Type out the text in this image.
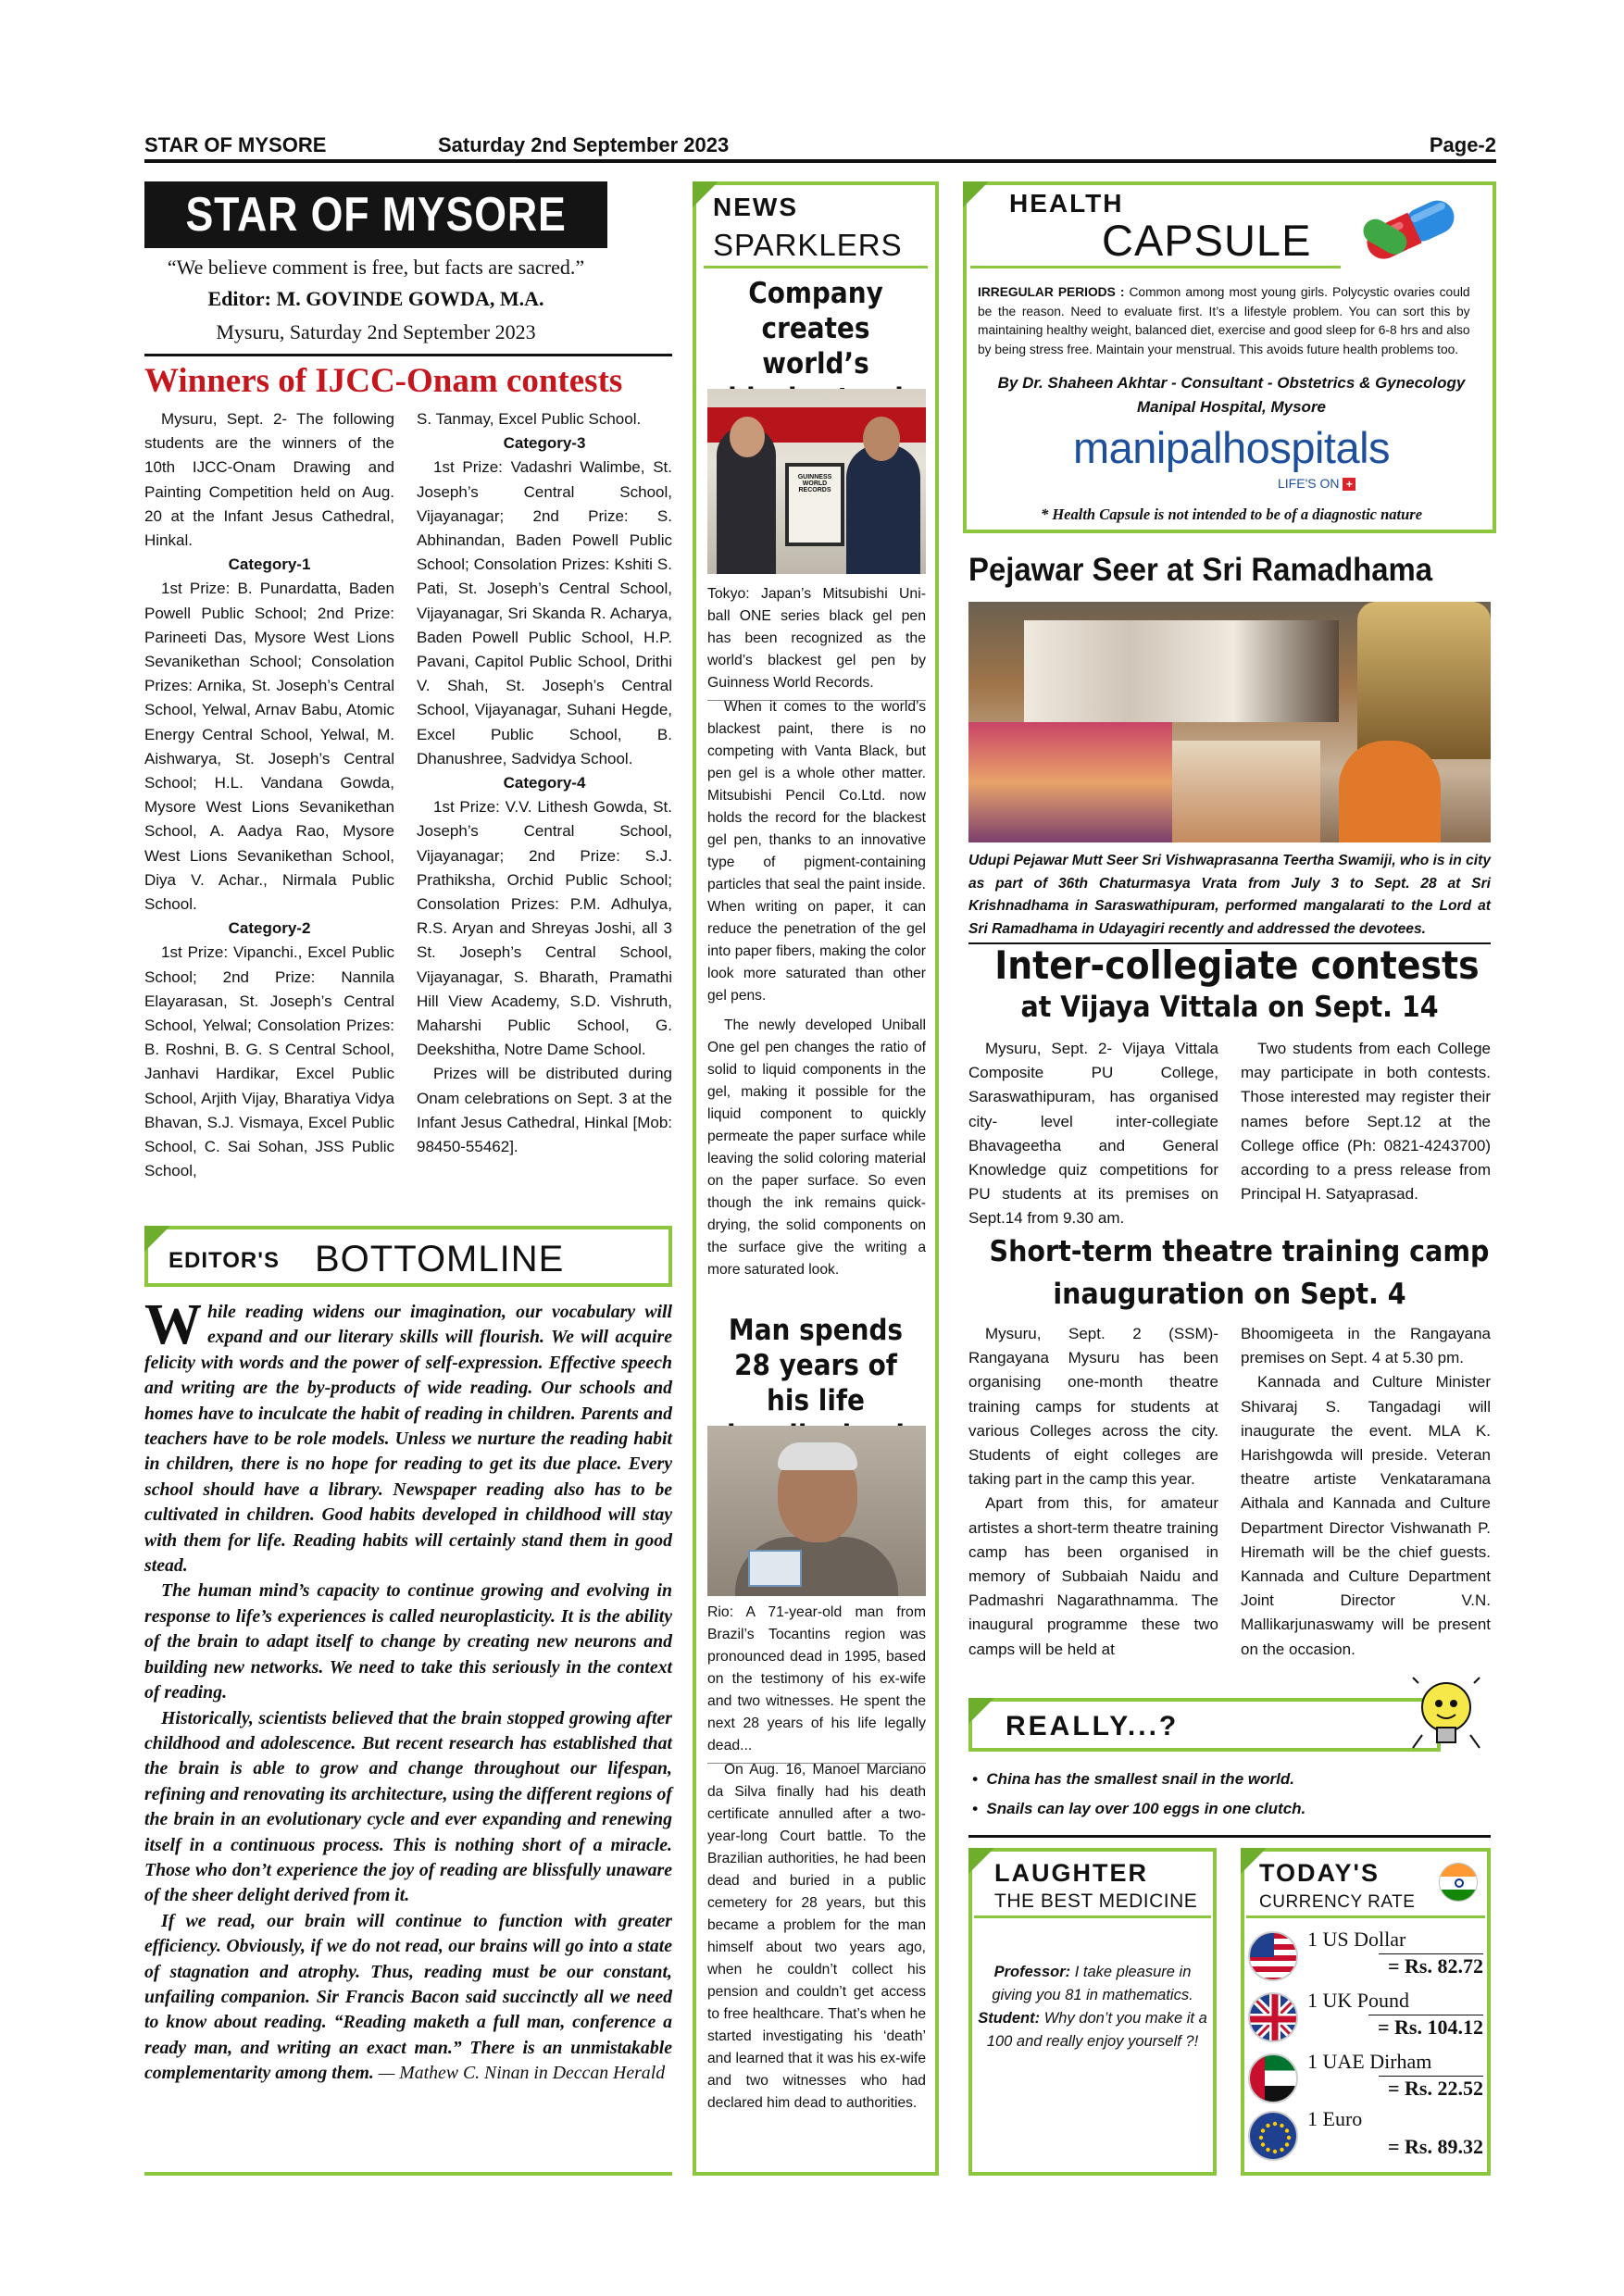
STAR OF MYSORE	Saturday 2nd September 2023	Page-2
STAR OF MYSORE
“We believe comment is free, but facts are sacred.”
Editor: M. GOVINDE GOWDA, M.A.
Mysuru, Saturday 2nd September 2023
Winners of IJCC-Onam contests

Mysuru, Sept. 2- The following students are the winners of the 10th IJCC-Onam Drawing and Painting Competition held on Aug. 20 at the Infant Jesus Cathedral, Hinkal.

Category-1

1st Prize: B. Punardatta, Baden Powell Public School; 2nd Prize: Parineeti Das, Mysore West Lions Sevanikethan School; Consolation Prizes: Arnika, St. Joseph’s Central School, Yelwal, Arnav Babu, Atomic Energy Central School, Yelwal, M. Aishwarya, St. Joseph’s Central School; H.L. Vandana Gowda, Mysore West Lions Sevanikethan School, A. Aadya Rao, Mysore West Lions Sevanikethan School, Diya V. Achar., Nirmala Public School.

Category-2

1st Prize: Vipanchi., Excel Public School; 2nd Prize: Nannila Elayarasan, St. Joseph’s Central School, Yelwal; Consolation Prizes: B. Roshni, B. G. S Central School, Janhavi Hardikar, Excel Public School, Arjith Vijay, Bharatiya Vidya Bhavan, S.J. Vismaya, Excel Public School, C. Sai Sohan, JSS Public School,

S. Tanmay, Excel Public School.

Category-3

1st Prize: Vadashri Walimbe, St. Joseph’s Central School, Vijayanagar; 2nd Prize: S. Abhinandan, Baden Powell Public School; Consolation Prizes: Kshiti S. Pati, St. Joseph’s Central School, Vijayanagar, Sri Skanda R. Acharya, Baden Powell Public School, H.P. Pavani, Capitol Public School, Drithi V. Shah, St. Joseph’s Central School, Vijayanagar, Suhani Hegde, Excel Public School, B. Dhanushree, Sadvidya School.

Category-4

1st Prize: V.V. Lithesh Gowda, St. Joseph’s Central School, Vijayanagar; 2nd Prize: S.J. Prathiksha, Orchid Public School; Consolation Prizes: P.M. Adhulya, R.S. Aryan and Shreyas Joshi, all 3 St. Joseph’s Central School, Vijayanagar, S. Bharath, Pramathi Hill View Academy, S.D. Vishruth, Maharshi Public School, G. Deekshitha, Notre Dame School.

Prizes will be distributed during Onam celebrations on Sept. 3 at the Infant Jesus Cathedral, Hinkal [Mob: 98450-55462].

EDITOR'S BOTTOMLINE

While reading widens our imagination, our vocabulary will expand and our literary skills will flourish. We will acquire felicity with words and the power of self-expression. Effective speech and writing are the by-products of wide reading. Our schools and homes have to inculcate the habit of reading in children. Parents and teachers have to be role models. Unless we nurture the reading habit in children, there is no hope for reading to get its due place. Every school should have a library. Newspaper reading also has to be cultivated in children. Good habits developed in childhood will stay with them for life. Reading habits will certainly stand them in good stead.

The human mind’s capacity to continue growing and evolving in response to life’s experiences is called neuroplasticity. It is the ability of the brain to adapt itself to change by creating new neurons and building new networks. We need to take this seriously in the context of reading.

Historically, scientists believed that the brain stopped growing after childhood and adolescence. But recent research has established that the brain is able to grow and change throughout our lifespan, refining and renovating its architecture, using the different regions of the brain in an evolutionary cycle and ever expanding and renewing itself in a continuous process. This is nothing short of a miracle. Those who don’t experience the joy of reading are blissfully unaware of the sheer delight derived from it.

If we read, our brain will continue to function with greater efficiency. Obviously, if we do not read, our brains will go into a state of stagnation and atrophy. Thus, reading must be our constant, unfailing companion. Sir Francis Bacon said succinctly all we need to know about reading. “Reading maketh a full man, conference a ready man, and writing an exact man.” There is an unmistakable complementarity among them. — Mathew C. Ninan in Deccan Herald

NEWS
SPARKLERS
Company creates world’s
GUINNESS WORLD RECORDS
Tokyo: Japan’s Mitsubishi Uni-ball ONE series black gel pen has been recognized as the world’s blackest gel pen by Guinness World Records.

When it comes to the world’s blackest paint, there is no competing with Vanta Black, but pen gel is a whole other matter. Mitsubishi Pencil Co.Ltd. now holds the record for the blackest gel pen, thanks to an innovative type of pigment-containing particles that seal the paint inside. When writing on paper, it can reduce the penetration of the gel into paper fibers, making the color look more saturated than other gel pens.

The newly developed Uniball One gel pen changes the ratio of solid to liquid components in the gel, making it possible for the liquid component to quickly permeate the paper surface while leaving the solid coloring material on the paper surface. So even though the ink remains quick-drying, the solid components on the surface give the writing a more saturated look.

Man spends 28 years of his life
Rio: A 71-year-old man from Brazil’s Tocantins region was pronounced dead in 1995, based on the testimony of his ex-wife and two witnesses. He spent the next 28 years of his life legally dead...
On Aug. 16, Manoel Marciano da Silva finally had his death certificate annulled after a two-year-long Court battle. To the Brazilian authorities, he had been dead and buried in a public cemetery for 28 years, but this became a problem for the man himself about two years ago, when he couldn’t collect his pension and couldn’t get access to free healthcare. That’s when he started investigating his ‘death’ and learned that it was his ex-wife and two witnesses who had declared him dead to authorities.
HEALTH
CAPSULE
IRREGULAR PERIODS : Common among most young girls. Polycystic ovaries could be the reason. Need to evaluate first. It’s a lifestyle problem. You can sort this by maintaining healthy weight, balanced diet, exercise and good sleep for 6-8 hrs and also by being stress free. Maintain your menstrual. This avoids future health problems too.
By Dr. Shaheen Akhtar - Consultant - Obstetrics & Gynecology
Manipal Hospital, Mysore
manipalhospitals
LIFE'S ON +
* Health Capsule is not intended to be of a diagnostic nature
Pejawar Seer at Sri Ramadhama
Udupi Pejawar Mutt Seer Sri Vishwaprasanna Teertha Swamiji, who is in city as part of 36th Chaturmasya Vrata from July 3 to Sept. 28 at Sri Krishnadhama in Saraswathipuram, performed mangalarati to the Lord at Sri Ramadhama in Udayagiri recently and addressed the devotees.
Inter-collegiate contests
at Vijaya Vittala on Sept. 14
Mysuru, Sept. 2- Vijaya Vittala Composite PU College, Saraswathipuram, has organised city- level inter-collegiate Bhavageetha and General Knowledge quiz competitions for PU students at its premises on Sept.14 from 9.30 am.
Two students from each College may participate in both contests. Those interested may register their names before Sept.12 at the College office (Ph: 0821-4243700) according to a press release from Principal H. Satyaprasad.
Short-term theatre training camp
inauguration on Sept. 4

Mysuru, Sept. 2 (SSM)- Rangayana Mysuru has been organising one-month theatre training camps for students at various Colleges across the city. Students of eight colleges are taking part in the camp this year.

Apart from this, for amateur artistes a short-term theatre training camp has been organised in memory of Subbaiah Naidu and Padmashri Nagarathnamma. The inaugural programme these two camps will be held at

Bhoomigeeta in the Rangayana premises on Sept. 4 at 5.30 pm.

Kannada and Culture Minister Shivaraj S. Tangadagi will inaugurate the event. MLA K. Harishgowda will preside. Veteran theatre artiste Venkataramana Aithala and Kannada and Culture Department Director Vishwanath P. Hiremath will be the chief guests. Kannada and Culture Department Joint Director V.N. Mallikarjunaswamy will be present on the occasion.

REALLY...?
•  China has the smallest snail in the world.
•  Snails can lay over 100 eggs in one clutch.
LAUGHTER
THE BEST MEDICINE
Professor: I take pleasure in giving you 81 in mathematics.
Student: Why don’t you make it a 100 and really enjoy yourself ?!
TODAY'S
CURRENCY RATE
1 US Dollar
= Rs. 82.72
1 UK Pound
= Rs. 104.12
1 UAE Dirham
= Rs. 22.52
1 Euro
= Rs. 89.32
